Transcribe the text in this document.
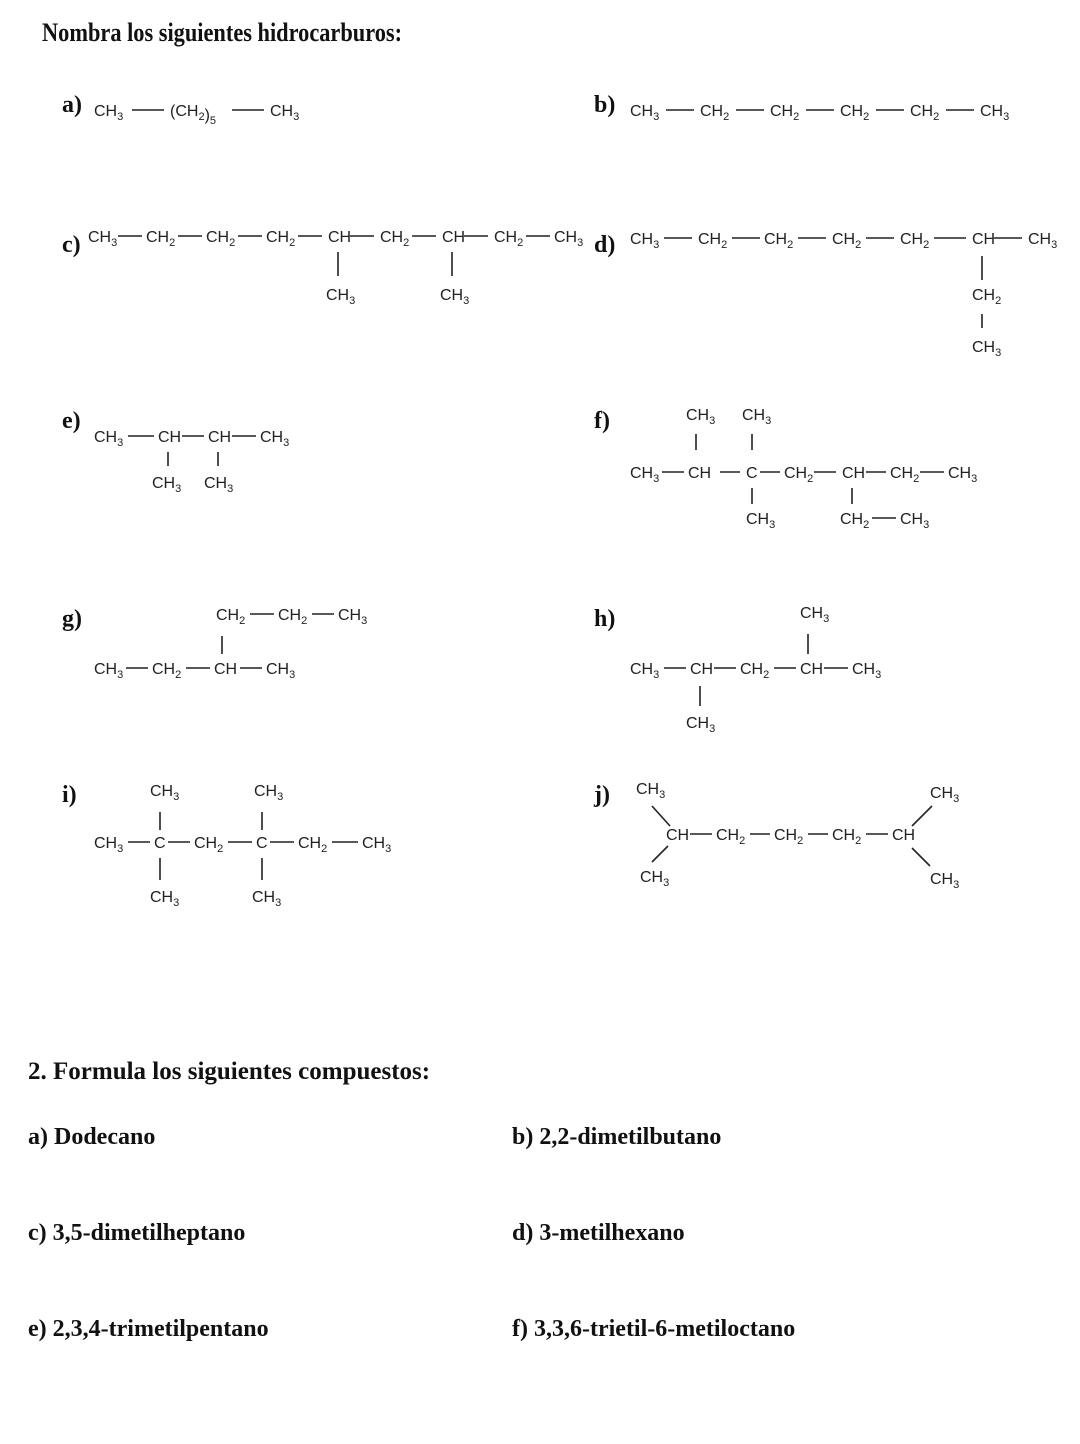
Nombra los siguientes hidrocarburos:
a)	b)
c)	d)
e)	f)
g)	h)
i)	j)
$CH_3$	$(CH_2)_5$
$CH_3$	$CH_3$	$CH_2$	$CH_2$	$CH_2$	$CH_2$	$CH_3$
$CH_3$ $CH_2$ $CH_2$ $CH_2$ CH $CH_2$ CH $CH_2$ $CH_3$
$CH_3$	$CH_3$
$CH_3$ $CH_2$ $CH_2$ $CH_2$ $CH_2$	CH $CH_3$
$CH_2$
$CH_3$
$CH_3$ CH CH $CH_3$
$CH_3$ $CH_3$
$CH_3$ $CH_3$
$CH_3$ CH C $CH_2$ CH $CH_2$ $CH_3$
$CH_3$	$CH_2$ $CH_3$
$CH_2$ $CH_2$ $CH_3$
$CH_3$ $CH_2$ CH $CH_3$
$CH_3$
$CH_3$ CH $CH_2$ CH $CH_3$
$CH_3$
$CH_3$	$CH_3$
$CH_3$ C $CH_2$ C $CH_2$ $CH_3$
$CH_3$	$CH_3$
$CH_3$
CH $CH_2$ $CH_2$ $CH_2$ CH
$CH_3$
$CH_3$
$CH_3$
2. Formula los siguientes compuestos:
a) Dodecano	b) 2,2-dimetilbutano
c) 3,5-dimetilheptano	d) 3-metilhexano
e) 2,3,4-trimetilpentano	f) 3,3,6-trietil-6-metiloctano
